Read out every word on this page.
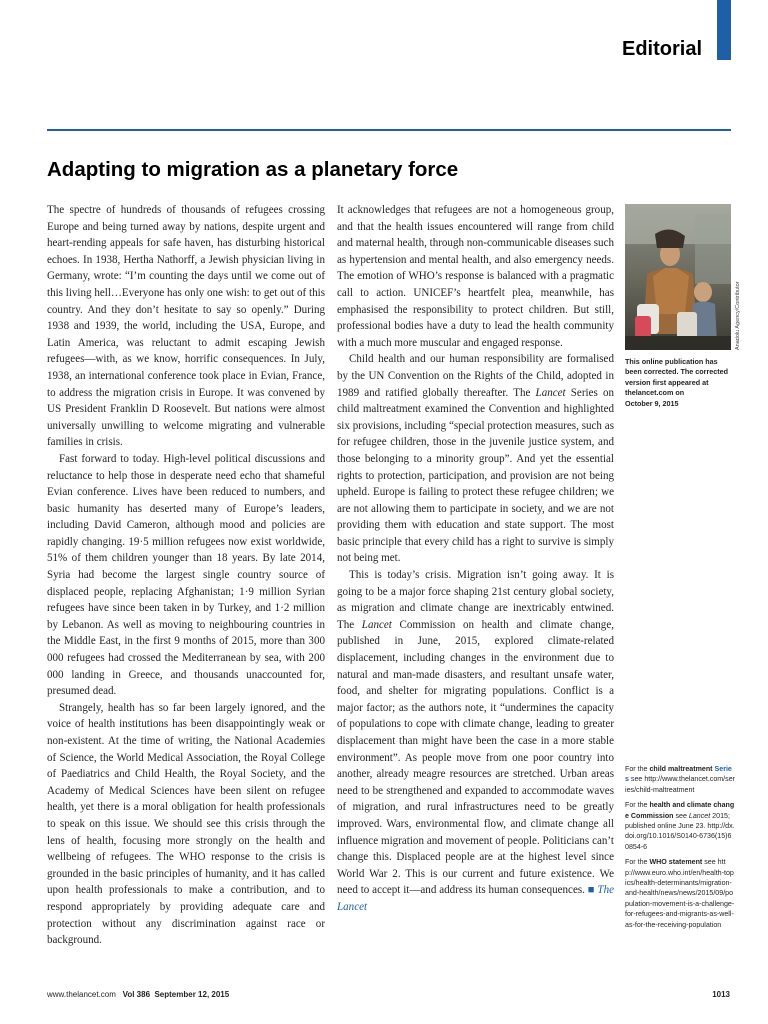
Editorial
Adapting to migration as a planetary force

The spectre of hundreds of thousands of refugees crossing Europe and being turned away by nations, despite urgent and heart-rending appeals for safe haven, has disturbing historical echoes. In 1938, Hertha Nathorff, a Jewish physician living in Germany, wrote: “I’m counting the days until we come out of this living hell…Everyone has only one wish: to get out of this country. And they don’t hesitate to say so openly.” During 1938 and 1939, the world, including the USA, Europe, and Latin America, was reluctant to admit escaping Jewish refugees—with, as we know, horrific consequences. In July, 1938, an international conference took place in Evian, France, to address the migration crisis in Europe. It was convened by US President Franklin D Roosevelt. But nations were almost universally unwilling to welcome migrating and vulnerable families in crisis.

Fast forward to today. High-level political discussions and reluctance to help those in desperate need echo that shameful Evian conference. Lives have been reduced to numbers, and basic humanity has deserted many of Europe’s leaders, including David Cameron, although mood and policies are rapidly changing. 19·5 million refugees now exist worldwide, 51% of them children younger than 18 years. By late 2014, Syria had become the largest single country source of displaced people, replacing Afghanistan; 1·9 million Syrian refugees have since been taken in by Turkey, and 1·2 million by Lebanon. As well as moving to neighbouring countries in the Middle East, in the first 9 months of 2015, more than 300 000 refugees had crossed the Mediterranean by sea, with 200 000 landing in Greece, and thousands unaccounted for, presumed dead.

Strangely, health has so far been largely ignored, and the voice of health institutions has been disappointingly weak or non-existent. At the time of writing, the National Academies of Science, the World Medical Association, the Royal College of Paediatrics and Child Health, the Royal Society, and the Academy of Medical Sciences have been silent on refugee health, yet there is a moral obligation for health professionals to speak on this issue. We should see this crisis through the lens of health, focusing more strongly on the health and wellbeing of refugees. The WHO response to the crisis is grounded in the basic principles of humanity, and it has called upon health professionals to make a contribution, and to respond appropriately by providing adequate care and protection without any discrimination against race or background.

It acknowledges that refugees are not a homogeneous group, and that the health issues encountered will range from child and maternal health, through non-communicable diseases such as hypertension and mental health, and also emergency needs. The emotion of WHO’s response is balanced with a pragmatic call to action. UNICEF’s heartfelt plea, meanwhile, has emphasised the responsibility to protect children. But still, professional bodies have a duty to lead the health community with a much more muscular and engaged response.

Child health and our human responsibility are formalised by the UN Convention on the Rights of the Child, adopted in 1989 and ratified globally thereafter. The Lancet Series on child maltreatment examined the Convention and highlighted six provisions, including “special protection measures, such as for refugee children, those in the juvenile justice system, and those belonging to a minority group”. And yet the essential rights to protection, participation, and provision are not being upheld. Europe is failing to protect these refugee children; we are not allowing them to participate in society, and we are not providing them with education and state support. The most basic principle that every child has a right to survive is simply not being met.

This is today’s crisis. Migration isn’t going away. It is going to be a major force shaping 21st century global society, as migration and climate change are inextricably entwined. The Lancet Commission on health and climate change, published in June, 2015, explored climate-related displacement, including changes in the environment due to natural and man-made disasters, and resultant unsafe water, food, and shelter for migrating populations. Conflict is a major factor; as the authors note, it “undermines the capacity of populations to cope with climate change, leading to greater displacement than might have been the case in a more stable environment”. As people move from one poor country into another, already meagre resources are stretched. Urban areas need to be strengthened and expanded to accommodate waves of migration, and rural infrastructures need to be greatly improved. Wars, environmental flow, and climate change all influence migration and movement of people. Politicians can’t change this. Displaced people are at the highest level since World War 2. This is our current and future existence. We need to accept it—and address its human consequences. ■ The Lancet

Anadolu Agency/Contributor
This online publication has
been corrected. The corrected
version first appeared at
thelancet.com on
October 9, 2015
For the child maltreatment Series see http://www.thelancet.com/series/child-maltreatment
For the health and climate change Commission see Lancet 2015; published online June 23. http://dx.doi.org/10.1016/S0140-6736(15)60854-6
For the WHO statement see http://www.euro.who.int/en/health-topics/health-determinants/migration-and-health/news/news/2015/09/population-movement-is-a-challenge-for-refugees-and-migrants-as-well-as-for-the-receiving-population
www.thelancet.com Vol 386 September 12, 2015	1013
